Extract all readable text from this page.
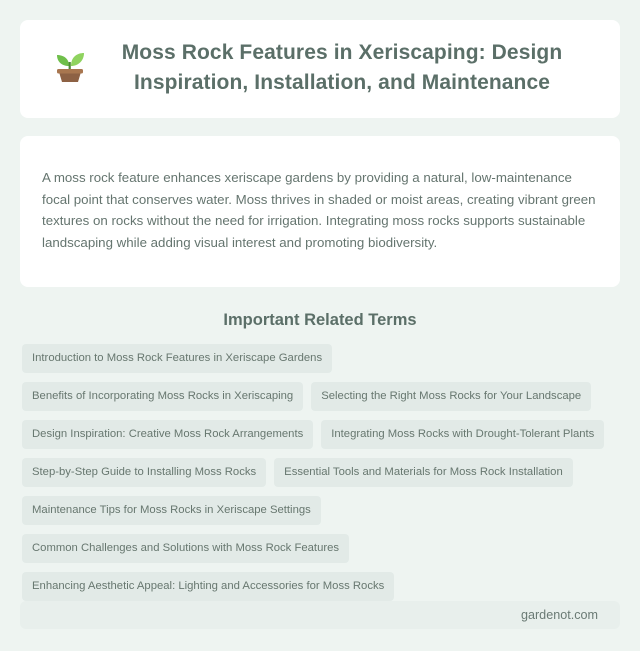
Moss Rock Features in Xeriscaping: Design Inspiration, Installation, and Maintenance

A moss rock feature enhances xeriscape gardens by providing a natural, low-maintenance focal point that conserves water. Moss thrives in shaded or moist areas, creating vibrant green textures on rocks without the need for irrigation. Integrating moss rocks supports sustainable landscaping while adding visual interest and promoting biodiversity.

Important Related Terms
Introduction to Moss Rock Features in Xeriscape Gardens
Benefits of Incorporating Moss Rocks in Xeriscaping	Selecting the Right Moss Rocks for Your Landscape
Design Inspiration: Creative Moss Rock Arrangements	Integrating Moss Rocks with Drought-Tolerant Plants
Step-by-Step Guide to Installing Moss Rocks	Essential Tools and Materials for Moss Rock Installation
Maintenance Tips for Moss Rocks in Xeriscape Settings
Common Challenges and Solutions with Moss Rock Features
Enhancing Aesthetic Appeal: Lighting and Accessories for Moss Rocks
gardenot.com
